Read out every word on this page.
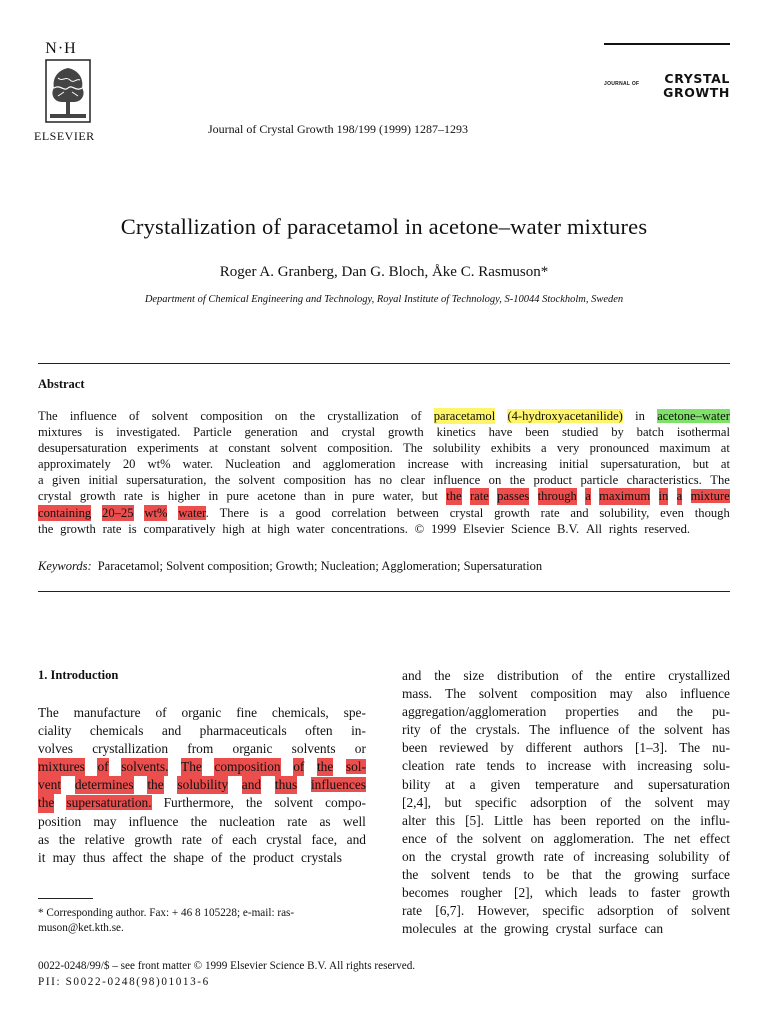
N·H
ELSEVIER	Journal of Crystal Growth 198/199 (1999) 1287–1293
JOURNAL OF CRYSTAL
GROWTH
Crystallization of paracetamol in acetone–water mixtures
Roger A. Granberg, Dan G. Bloch, Åke C. Rasmuson*
Department of Chemical Engineering and Technology, Royal Institute of Technology, S-10044 Stockholm, Sweden
Abstract
The influence of solvent composition on the crystallization of paracetamol (4-hydroxyacetanilide) in acetone–water
mixtures is investigated. Particle generation and crystal growth kinetics have been studied by batch isothermal
desupersaturation experiments at constant solvent composition. The solubility exhibits a very pronounced maximum at
approximately 20 wt% water. Nucleation and agglomeration increase with increasing initial supersaturation, but at
a given initial supersaturation, the solvent composition has no clear influence on the product particle characteristics. The
crystal growth rate is higher in pure acetone than in pure water, but the rate passes through a maximum in a mixture
containing 20–25 wt% water. There is a good correlation between crystal growth rate and solubility, even though
the growth rate is comparatively high at high water concentrations. © 1999 Elsevier Science B.V. All rights reserved.
Keywords: Paracetamol; Solvent composition; Growth; Nucleation; Agglomeration; Supersaturation
1. Introduction
The manufacture of organic fine chemicals, spe-
ciality chemicals and pharmaceuticals often in-
volves crystallization from organic solvents or
mixtures of solvents. The composition of the sol-
vent determines the solubility and thus influences
the supersaturation. Furthermore, the solvent compo-
position may influence the nucleation rate as well
as the relative growth rate of each crystal face, and
it may thus affect the shape of the product crystals
and the size distribution of the entire crystallized
mass. The solvent composition may also influence
aggregation/agglomeration properties and the pu-
rity of the crystals. The influence of the solvent has
been reviewed by different authors [1–3]. The nu-
cleation rate tends to increase with increasing solu-
bility at a given temperature and supersaturation
[2,4], but specific adsorption of the solvent may
alter this [5]. Little has been reported on the influ-
ence of the solvent on agglomeration. The net effect
on the crystal growth rate of increasing solubility of
the solvent tends to be that the growing surface
becomes rougher [2], which leads to faster growth
rate [6,7]. However, specific adsorption of solvent
molecules at the growing crystal surface can
* Corresponding author. Fax: + 46 8 105228; e-mail: ras-
muson@ket.kth.se.
0022-0248/99/$ – see front matter © 1999 Elsevier Science B.V. All rights reserved.
PII: S0022-0248(98)01013-6
